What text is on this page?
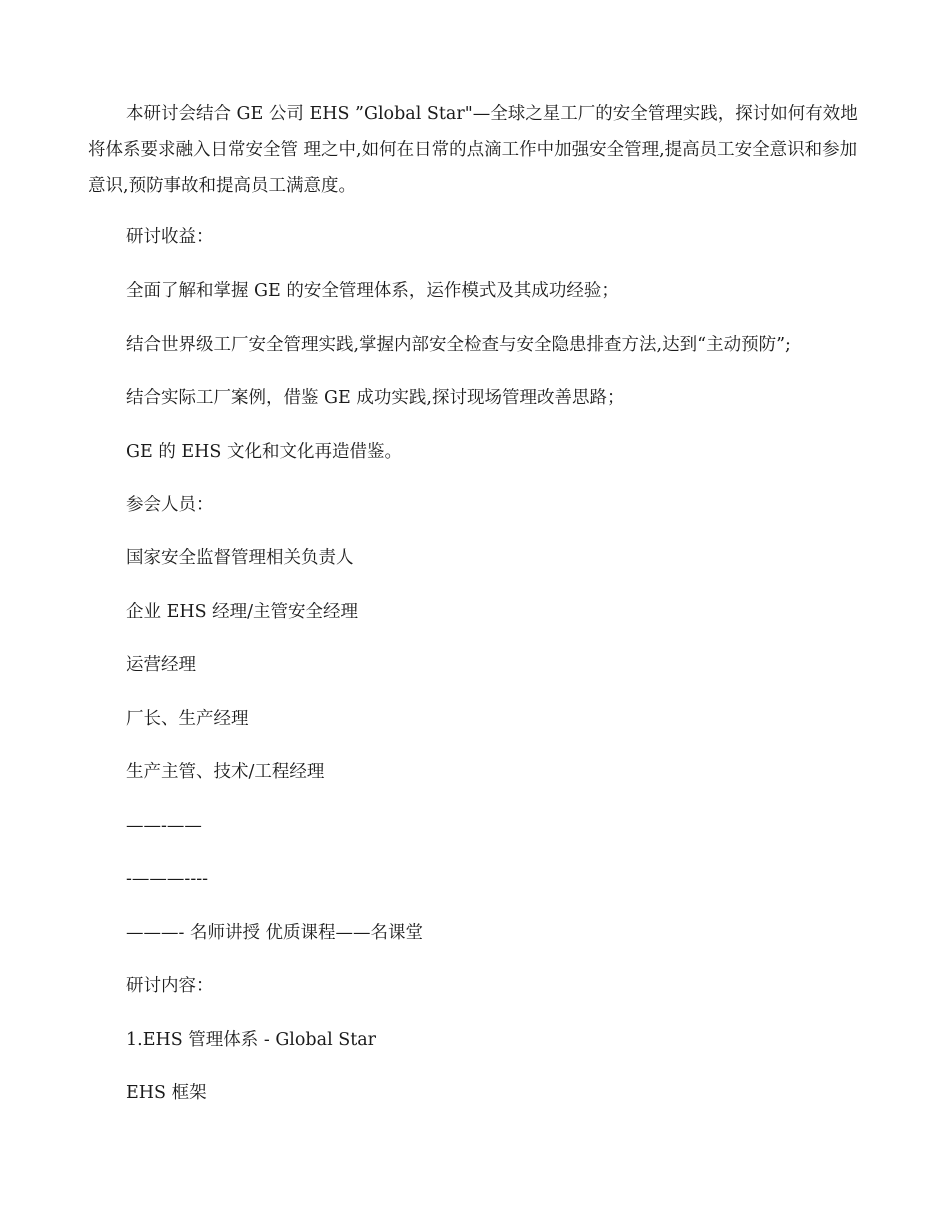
本研讨会结合 GE 公司 EHS ”Global Star"—全球之星工厂的安全管理实践，探讨如何有效地将体系要求融入日常安全管 理之中,如何在日常的点滴工作中加强安全管理,提高员工安全意识和参加意识,预防事故和提高员工满意度。

研讨收益：

全面了解和掌握 GE 的安全管理体系，运作模式及其成功经验；

结合世界级工厂安全管理实践,掌握内部安全检查与安全隐患排查方法,达到“主动预防”;

结合实际工厂案例，借鉴 GE 成功实践,探讨现场管理改善思路；

GE 的 EHS 文化和文化再造借鉴。

参会人员：

国家安全监督管理相关负责人

企业 EHS 经理/主管安全经理

运营经理

厂长、生产经理

生产主管、技术/工程经理

——-——

-———----

———- 名师讲授 优质课程——名课堂

研讨内容：

1.EHS 管理体系 - Global Star

EHS 框架
